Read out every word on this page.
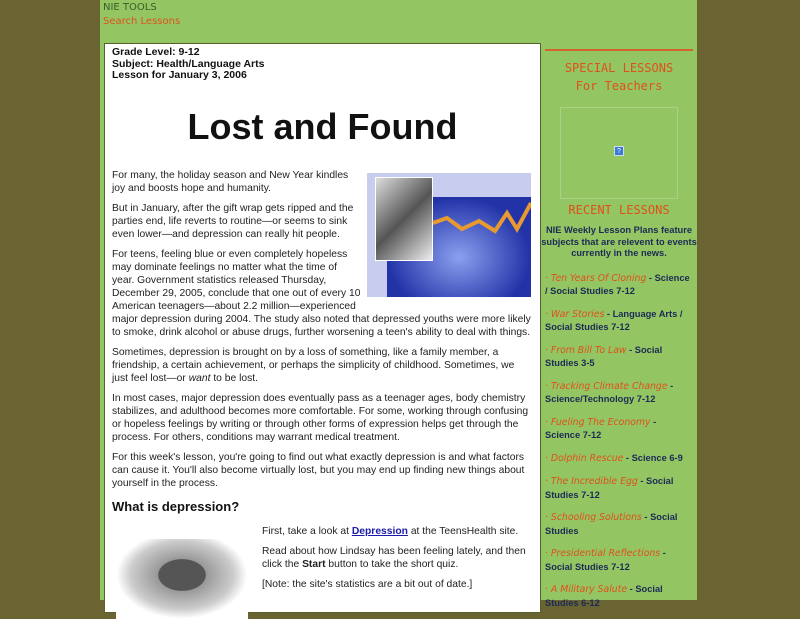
NIE TOOLS
Search Lessons
Grade Level: 9-12
Subject: Health/Language Arts
Lesson for January 3, 2006
Lost and Found

For many, the holiday season and New Year kindles joy and boosts hope and humanity.

But in January, after the gift wrap gets ripped and the parties end, life reverts to routine—or seems to sink even lower—and depression can really hit people.

For teens, feeling blue or even completely hopeless may dominate feelings no matter what the time of year. Government statistics released Thursday, December 29, 2005, conclude that one out of every 10 American teenagers—about 2.2 million—experienced major depression during 2004. The study also noted that depressed youths were more likely to smoke, drink alcohol or abuse drugs, further worsening a teen's ability to deal with things.

Sometimes, depression is brought on by a loss of something, like a family member, a friendship, a certain achievement, or perhaps the simplicity of childhood. Sometimes, we just feel lost—or want to be lost.

In most cases, major depression does eventually pass as a teenager ages, body chemistry stabilizes, and adulthood becomes more comfortable. For some, working through confusing or hopeless feelings by writing or through other forms of expression helps get through the process. For others, conditions may warrant medical treatment.

For this week's lesson, you're going to find out what exactly depression is and what factors can cause it. You'll also become virtually lost, but you may end up finding new things about yourself in the process.

What is depression?

First, take a look at Depression at the TeensHealth site.

Read about how Lindsay has been feeling lately, and then click the Start button to take the short quiz.

[Note: the site's statistics are a bit out of date.]

SPECIAL LESSONS
For Teachers
?
RECENT LESSONS
NIE Weekly Lesson Plans feature subjects that are relevent to events currently in the news.
· Ten Years Of Cloning - Science / Social Studies 7-12
· War Stories - Language Arts / Social Studies 7-12
· From Bill To Law - Social Studies 3-5
· Tracking Climate Change - Science/Technology 7-12
· Fueling The Economy - Science 7-12
· Dolphin Rescue - Science 6-9
· The Incredible Egg - Social Studies 7-12
· Schooling Solutions - Social Studies
· Presidential Reflections - Social Studies 7-12
· A Military Salute - Social Studies 6-12
